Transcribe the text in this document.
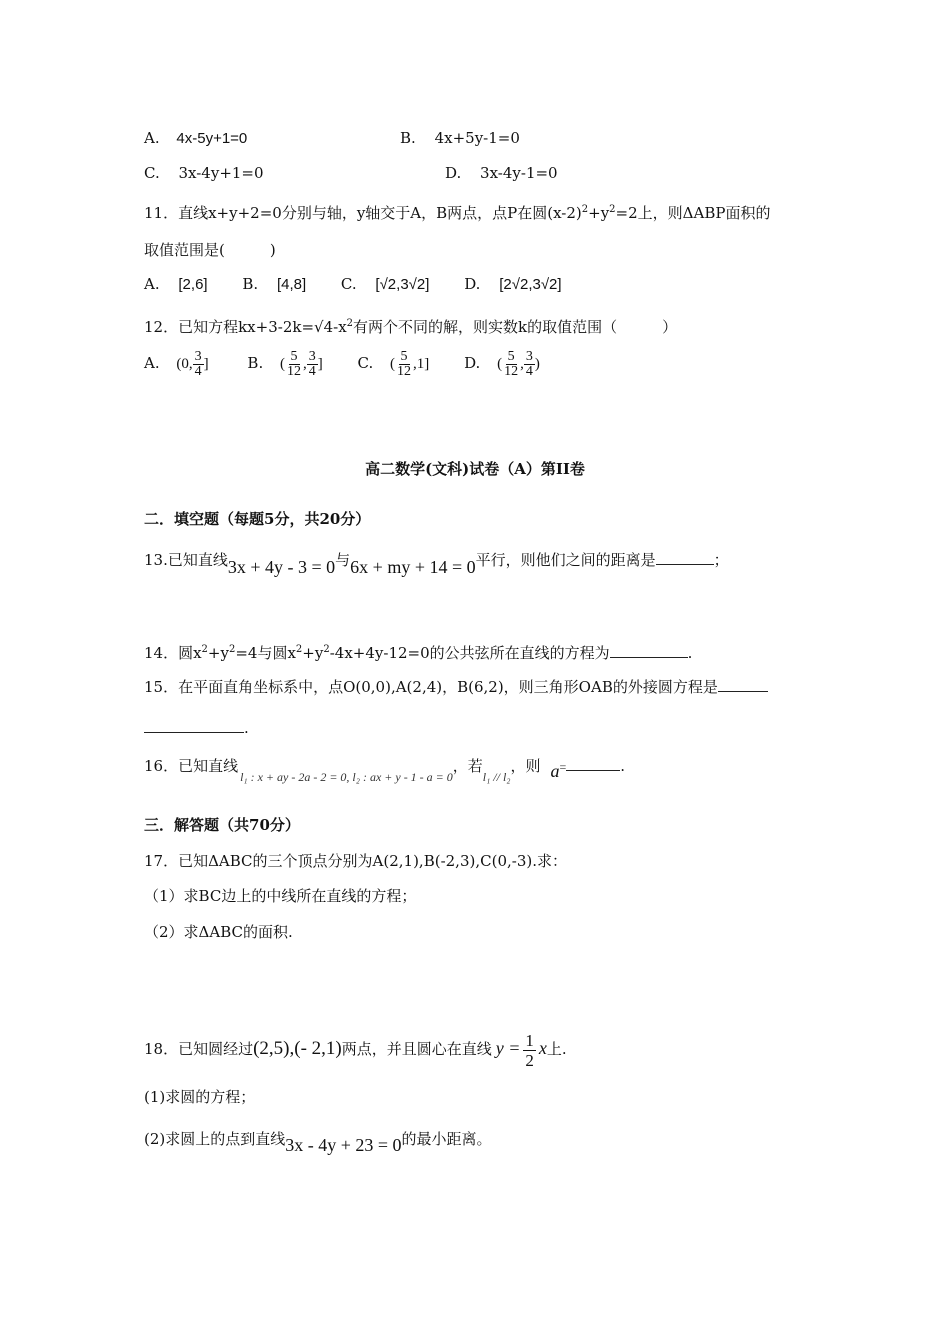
A. 4x-5y+1=0	B. 4x+5y-1=0
C. 3x-4y+1=0	D. 3x-4y-1=0
11．直线x+y+2=0分别与轴，y轴交于A，B两点，点P在圆$(x-2)^2+y^2=2$上，则ΔABP面积的
取值范围是(　　　)
A. [2,6] B. [4,8] C. [√2,3√2] D. [2√2,3√2]
12．已知方程$kx+3-2k=√4-x^2$有两个不同的解，则实数k的取值范围（　　　）
A. (0, $\frac{3}{4}$ ]	B. ( $\frac{5}{12}$ , $\frac{3}{4}$ ] C. ( $\frac{5}{12} ,1$] D. ( $\frac{5}{12}$ , $\frac{3}{4}$ )
高二数学(文科)试卷（A）第II卷
二．填空题（每题5分，共20分）
13.已知直线3x + 4y - 3 = 0与6x + my + 14 = 0平行，则他们之间的距离是	；
14．圆$x^2+y^2=4$与圆$x^2+y^2-4x+4y-12=0$的公共弦所在直线的方程为	.
15．在平面直角坐标系中，点O(0,0),A(2,4)，B(6,2)，则三角形OAB的外接圆方程是
.
16．已知直线$_{l_1 : x + ay - 2a - 2 = 0, l_2 : ax + y - 1 - a = 0}$，若$_{l_1 // l_2}$，则 a=	.
三．解答题（共70分）
17．已知ΔABC的三个顶点分别为A(2,1),B(-2,3),C(0,-3).求：
（1）求BC边上的中线所在直线的方程；
（2）求ΔABC的面积.
18．已知圆经过(2,5),(- 2,1)两点，并且圆心在直线 $y = \frac{1}{2}$ x上.
(1)求圆的方程；
(2)求圆上的点到直线3x - 4y + 23 = 0的最小距离。
